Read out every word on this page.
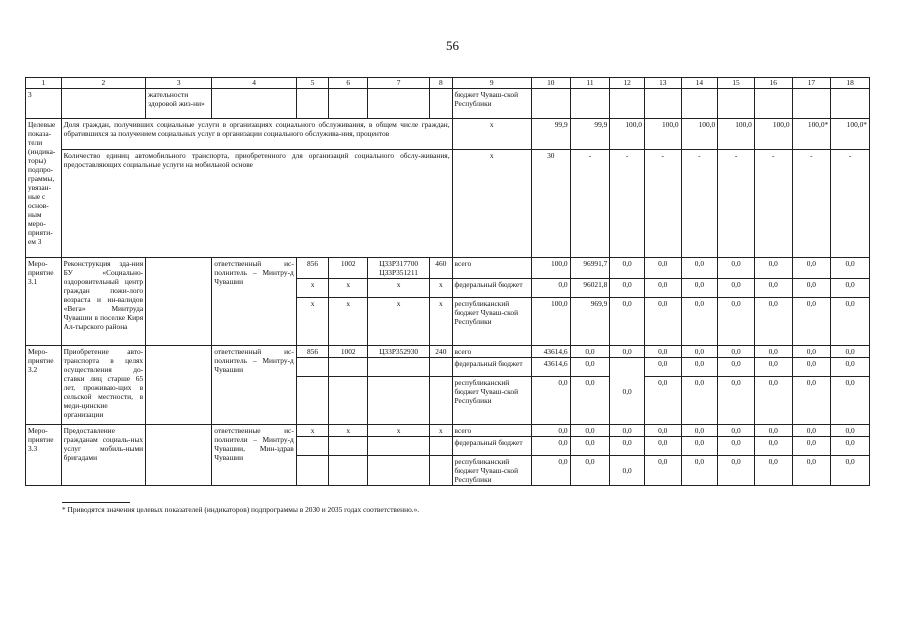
56
1	2	3	4	5	6	7	8	9	10	11	12	13	14	15	16	17	18
3		жательности здоровой жиз-ни»						бюджет Чуваш-ской Республики									
Целевые показа-тели (индика-торы) подпро-граммы, увязан-ные с основ-ным меро-прияти-ем 3	Доля граждан, получивших социальные услуги в организациях социального обслуживания, в общем числе граждан, обратившихся за получением социальных услуг в организации социального обслужива-ния, процентов							х	99,9	99,9	100,0	100,0	100,0	100,0	100,0	100,0*	100,0*
	Количество единиц автомобильного транспорта, приобретенного для организаций социального обслу-живания, предоставляющих социальные услуги на мобильной основе							х	30	-	-	-	-	-	-	-	-
Меро-приятие 3.1	Реконструкция зда-ния БУ «Социально-оздоровительный центр граждан пожи-лого возраста и ин-валидов «Вега» Минтруда Чувашии в поселке Киря Ал-тырского района		ответственный ис-полнитель – Минтру-д Чувашии	856	1002	Ц33Р317700 Ц33Р351211	460	всего	100,0	96991,7	0,0	0,0	0,0	0,0	0,0	0,0	0,0
				х	х	х	х	федеральный бюджет	0,0	96021,8	0,0	0,0	0,0	0,0	0,0	0,0	0,0
				х	х	х	х	республиканский бюджет Чуваш-ской Республики	100,0	969,9	0,0	0,0	0,0	0,0	0,0	0,0	0,0
Меро-приятие 3.2	Приобретение авто-транспорта в целях осуществления до-ставки лиц старше 65 лет, проживаю-щих в сельской местности, в меди-цинские организации		ответственный ис-полнитель – Минтру-д Чувашии	856	1002	Ц33Р352930	240	всего	43614,6	0,0	0,0	0,0	0,0	0,0	0,0	0,0	0,0
								федеральный бюджет	43614,6	0,0	0,0	0,0	0,0	0,0	0,0	0,0	0,0
								республиканский бюджет Чуваш-ской Республики	0,0	0,0		0,0	0,0	0,0	0,0	0,0	0,0
Меро-приятие 3.3	Предоставление гражданам социаль-ных услуг мобиль-ными бригадами		ответственные ис-полнители – Минтру-д Чувашии, Мин-здрав Чувашии	х	х	х	х	всего	0,0	0,0	0,0	0,0	0,0	0,0	0,0	0,0	0,0
								федеральный бюджет	0,0	0,0	0,0	0,0	0,0	0,0	0,0	0,0	0,0
								республиканский бюджет Чуваш-ской Республики	0,0	0,0	0,0	0,0	0,0	0,0	0,0	0,0	0,0
* Приводятся значения целевых показателей (индикаторов) подпрограммы в 2030 и 2035 годах соответственно.».
